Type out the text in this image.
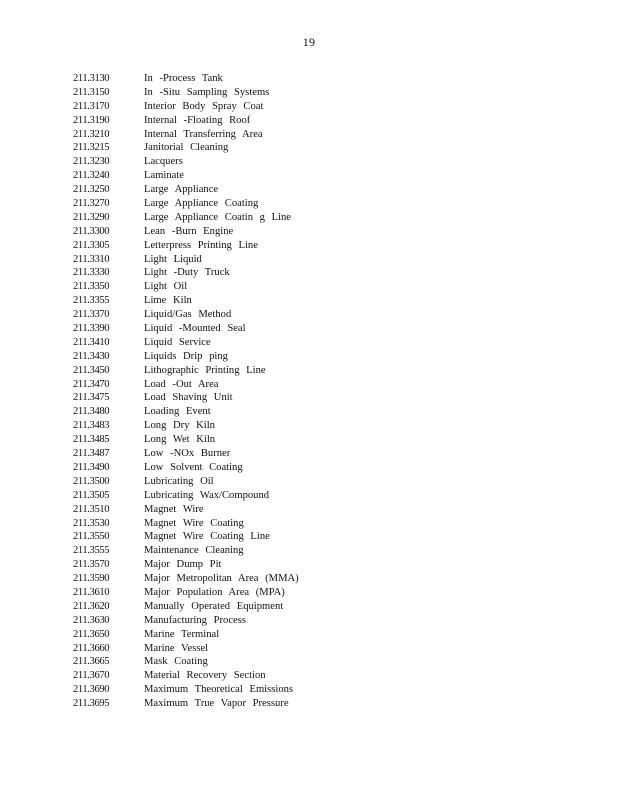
19
211.3130	In -Process Tank
211.3150	In -Situ Sampling Systems
211.3170	Interior Body Spray Coat
211.3190	Internal -Floating Roof
211.3210	Internal Transferring Area
211.3215	Janitorial Cleaning
211.3230	Lacquers
211.3240	Laminate
211.3250	Large Appliance
211.3270	Large Appliance Coating
211.3290	Large Appliance Coatin g Line
211.3300	Lean -Burn Engine
211.3305	Letterpress Printing Line
211.3310	Light Liquid
211.3330	Light -Duty Truck
211.3350	Light Oil
211.3355	Lime Kiln
211.3370	Liquid/Gas Method
211.3390	Liquid -Mounted Seal
211.3410	Liquid Service
211.3430	Liquids Drip ping
211.3450	Lithographic Printing Line
211.3470	Load -Out Area
211.3475	Load Shaving Unit
211.3480	Loading Event
211.3483	Long Dry Kiln
211.3485	Long Wet Kiln
211.3487	Low -NOx Burner
211.3490	Low Solvent Coating
211.3500	Lubricating Oil
211.3505	Lubricating Wax/Compound
211.3510	Magnet Wire
211.3530	Magnet Wire Coating
211.3550	Magnet Wire Coating Line
211.3555	Maintenance Cleaning
211.3570	Major Dump Pit
211.3590	Major Metropolitan Area (MMA)
211.3610	Major Population Area (MPA)
211.3620	Manually Operated Equipment
211.3630	Manufacturing Process
211.3650	Marine Terminal
211.3660	Marine Vessel
211.3665	Mask Coating
211.3670	Material Recovery Section
211.3690	Maximum Theoretical Emissions
211.3695	Maximum True Vapor Pressure
